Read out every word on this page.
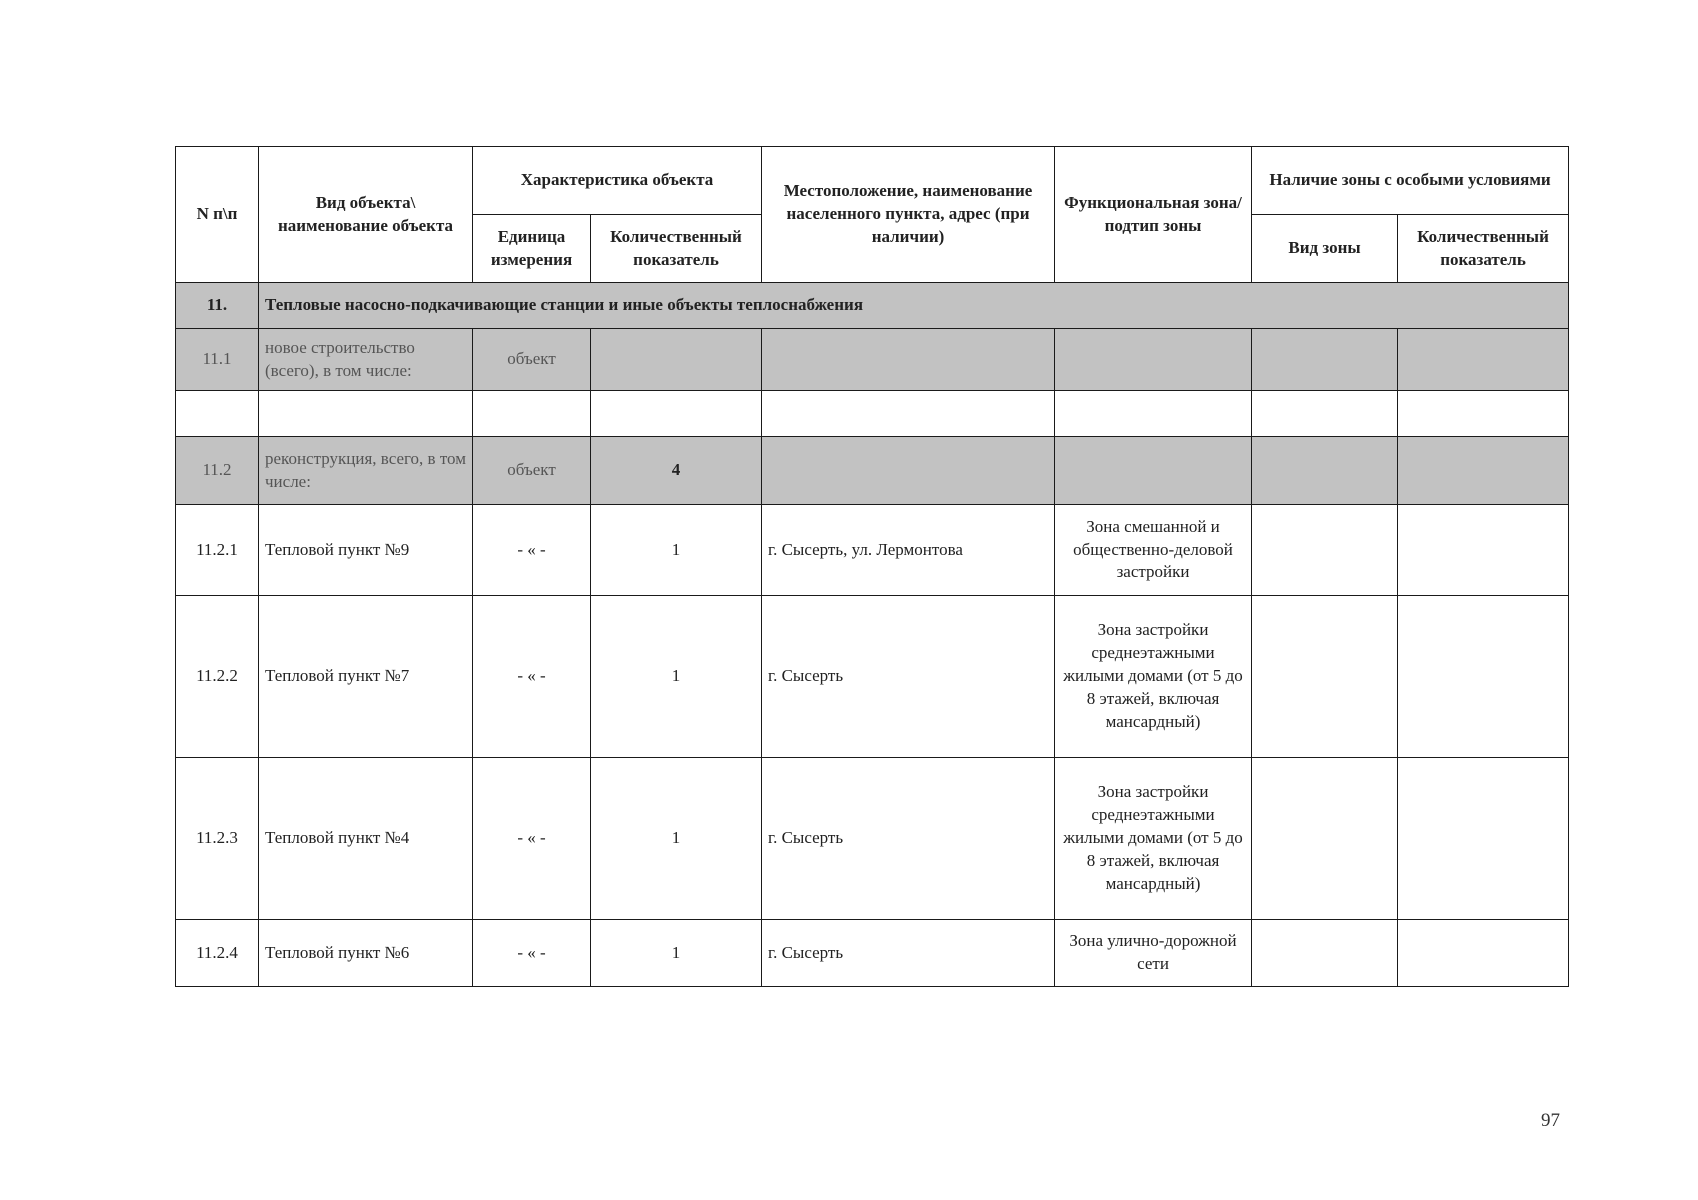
N п\п	Вид объекта\ наименование объекта	Характеристика объекта		Местоположение, наименование населенного пункта, адрес (при наличии)	Функциональная зона/ подтип зоны	Наличие зоны с особыми условиями	
		Единица измерения	Количественный показатель			Вид зоны	Количественный показатель
11.	Тепловые насосно-подкачивающие станции и иные объекты теплоснабжения						
11.1	новое строительство (всего), в том числе:	объект					

11.2	реконструкция, всего, в том числе:	объект	4				
11.2.1	Тепловой пункт №9	- « -	1	г. Сысерть, ул. Лермонтова	Зона смешанной и общественно-деловой застройки		
11.2.2	Тепловой пункт №7	- « -	1	г. Сысерть	Зона застройки среднеэтажными жилыми домами (от 5 до 8 этажей, включая мансардный)		
11.2.3	Тепловой пункт №4	- « -	1	г. Сысерть	Зона застройки среднеэтажными жилыми домами (от 5 до 8 этажей, включая мансардный)		
11.2.4	Тепловой пункт №6	- « -	1	г. Сысерть	Зона улично-дорожной сети		
97
